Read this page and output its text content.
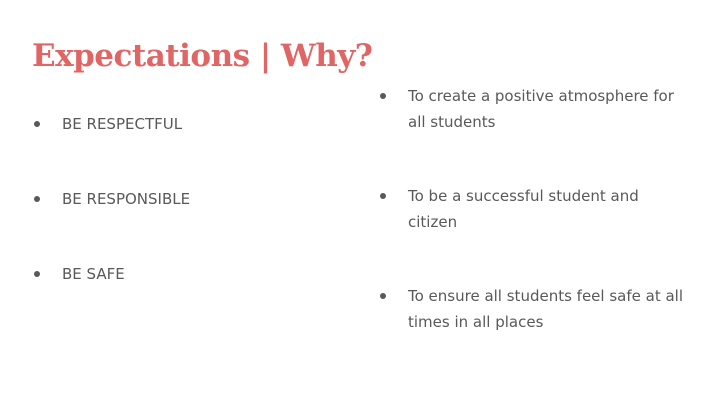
Expectations | Why?
BE RESPECTFUL
BE RESPONSIBLE
BE SAFE
To create a positive atmosphere for all students
To be a successful student and citizen
To ensure all students feel safe at all times in all places
